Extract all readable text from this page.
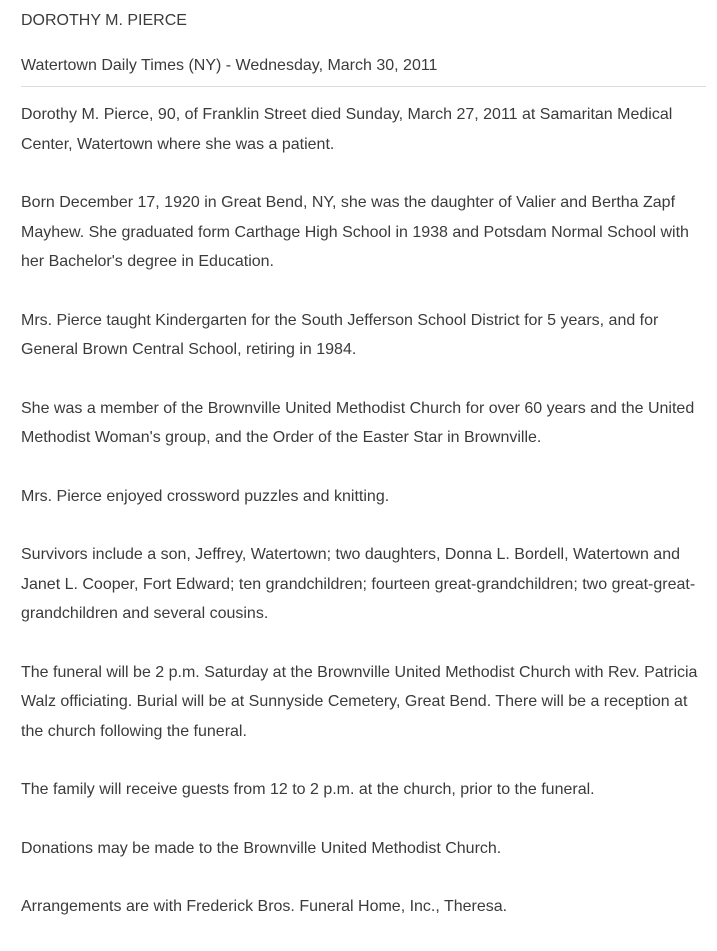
DOROTHY M. PIERCE
Watertown Daily Times (NY) - Wednesday, March 30, 2011

Dorothy M. Pierce, 90, of Franklin Street died Sunday, March 27, 2011 at Samaritan Medical Center, Watertown where she was a patient.

Born December 17, 1920 in Great Bend, NY, she was the daughter of Valier and Bertha Zapf Mayhew. She graduated form Carthage High School in 1938 and Potsdam Normal School with her Bachelor's degree in Education.

Mrs. Pierce taught Kindergarten for the South Jefferson School District for 5 years, and for General Brown Central School, retiring in 1984.

She was a member of the Brownville United Methodist Church for over 60 years and the United Methodist Woman's group, and the Order of the Easter Star in Brownville.

Mrs. Pierce enjoyed crossword puzzles and knitting.

Survivors include a son, Jeffrey, Watertown; two daughters, Donna L. Bordell, Watertown and Janet L. Cooper, Fort Edward; ten grandchildren; fourteen great-grandchildren; two great-great-grandchildren and several cousins.

The funeral will be 2 p.m. Saturday at the Brownville United Methodist Church with Rev. Patricia Walz officiating. Burial will be at Sunnyside Cemetery, Great Bend. There will be a reception at the church following the funeral.

The family will receive guests from 12 to 2 p.m. at the church, prior to the funeral.

Donations may be made to the Brownville United Methodist Church.

Arrangements are with Frederick Bros. Funeral Home, Inc., Theresa.
